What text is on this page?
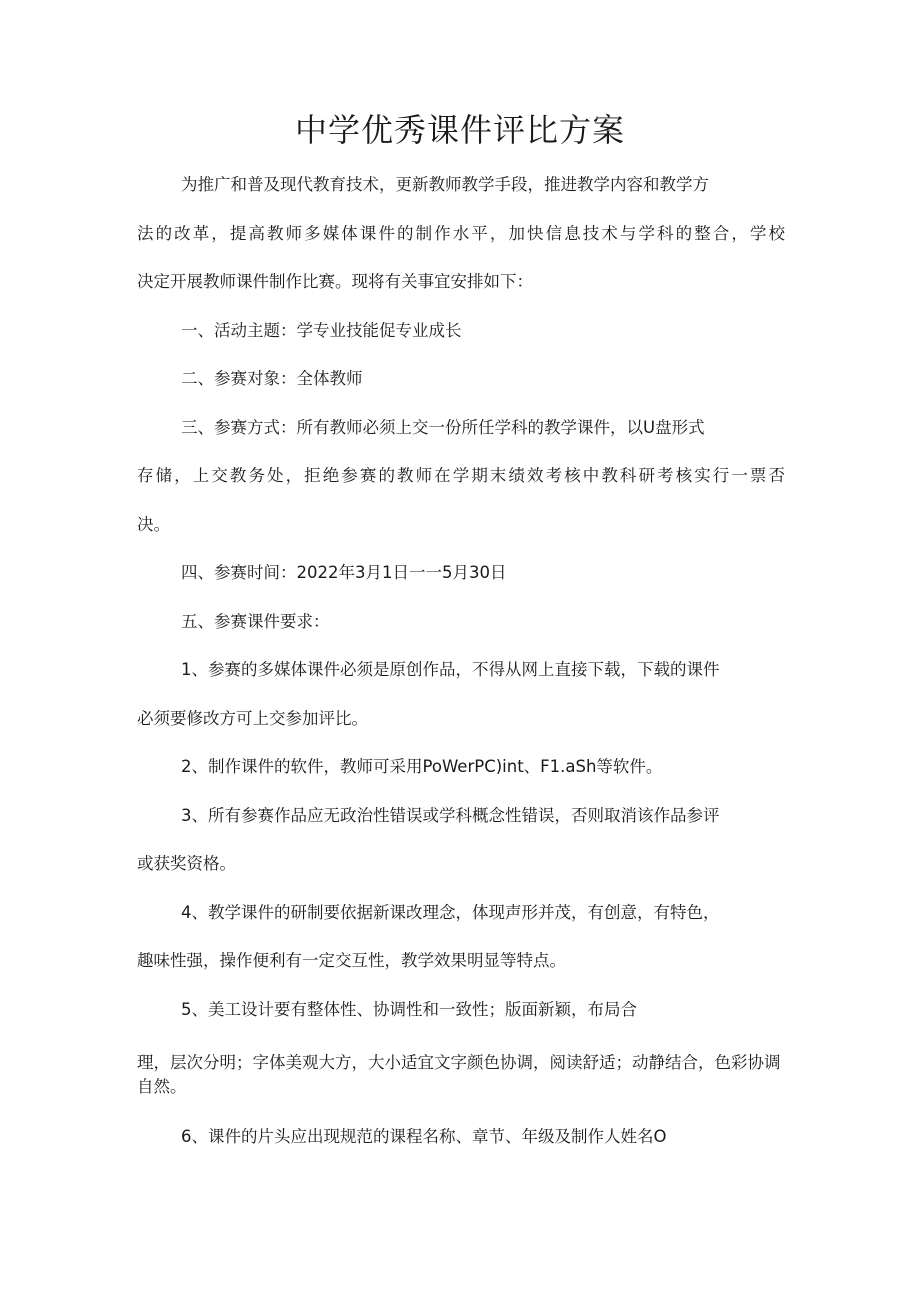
中学优秀课件评比方案

为推广和普及现代教育技术，更新教师教学手段，推进教学内容和教学方

法的改革，提高教师多媒体课件的制作水平，加快信息技术与学科的整合，学校

决定开展教师课件制作比赛。现将有关事宜安排如下：

一、活动主题：学专业技能促专业成长

二、参赛对象：全体教师

三、参赛方式：所有教师必须上交一份所任学科的教学课件，以U盘形式

存储，上交教务处，拒绝参赛的教师在学期末绩效考核中教科研考核实行一票否

决。

四、参赛时间：2022年3月1日一一5月30日

五、参赛课件要求：

1、参赛的多媒体课件必须是原创作品，不得从网上直接下载，下载的课件

必须要修改方可上交参加评比。

2、制作课件的软件，教师可采用PoWerPC)int、F1.aSh等软件。

3、所有参赛作品应无政治性错误或学科概念性错误，否则取消该作品参评

或获奖资格。

4、教学课件的研制要依据新课改理念，体现声形并茂，有创意，有特色，

趣味性强，操作便利有一定交互性，教学效果明显等特点。

5、美工设计要有整体性、协调性和一致性；版面新颖，布局合

理，层次分明；字体美观大方，大小适宜文字颜色协调，阅读舒适；动静结合，色彩协调自然。

6、课件的片头应出现规范的课程名称、章节、年级及制作人姓名O
